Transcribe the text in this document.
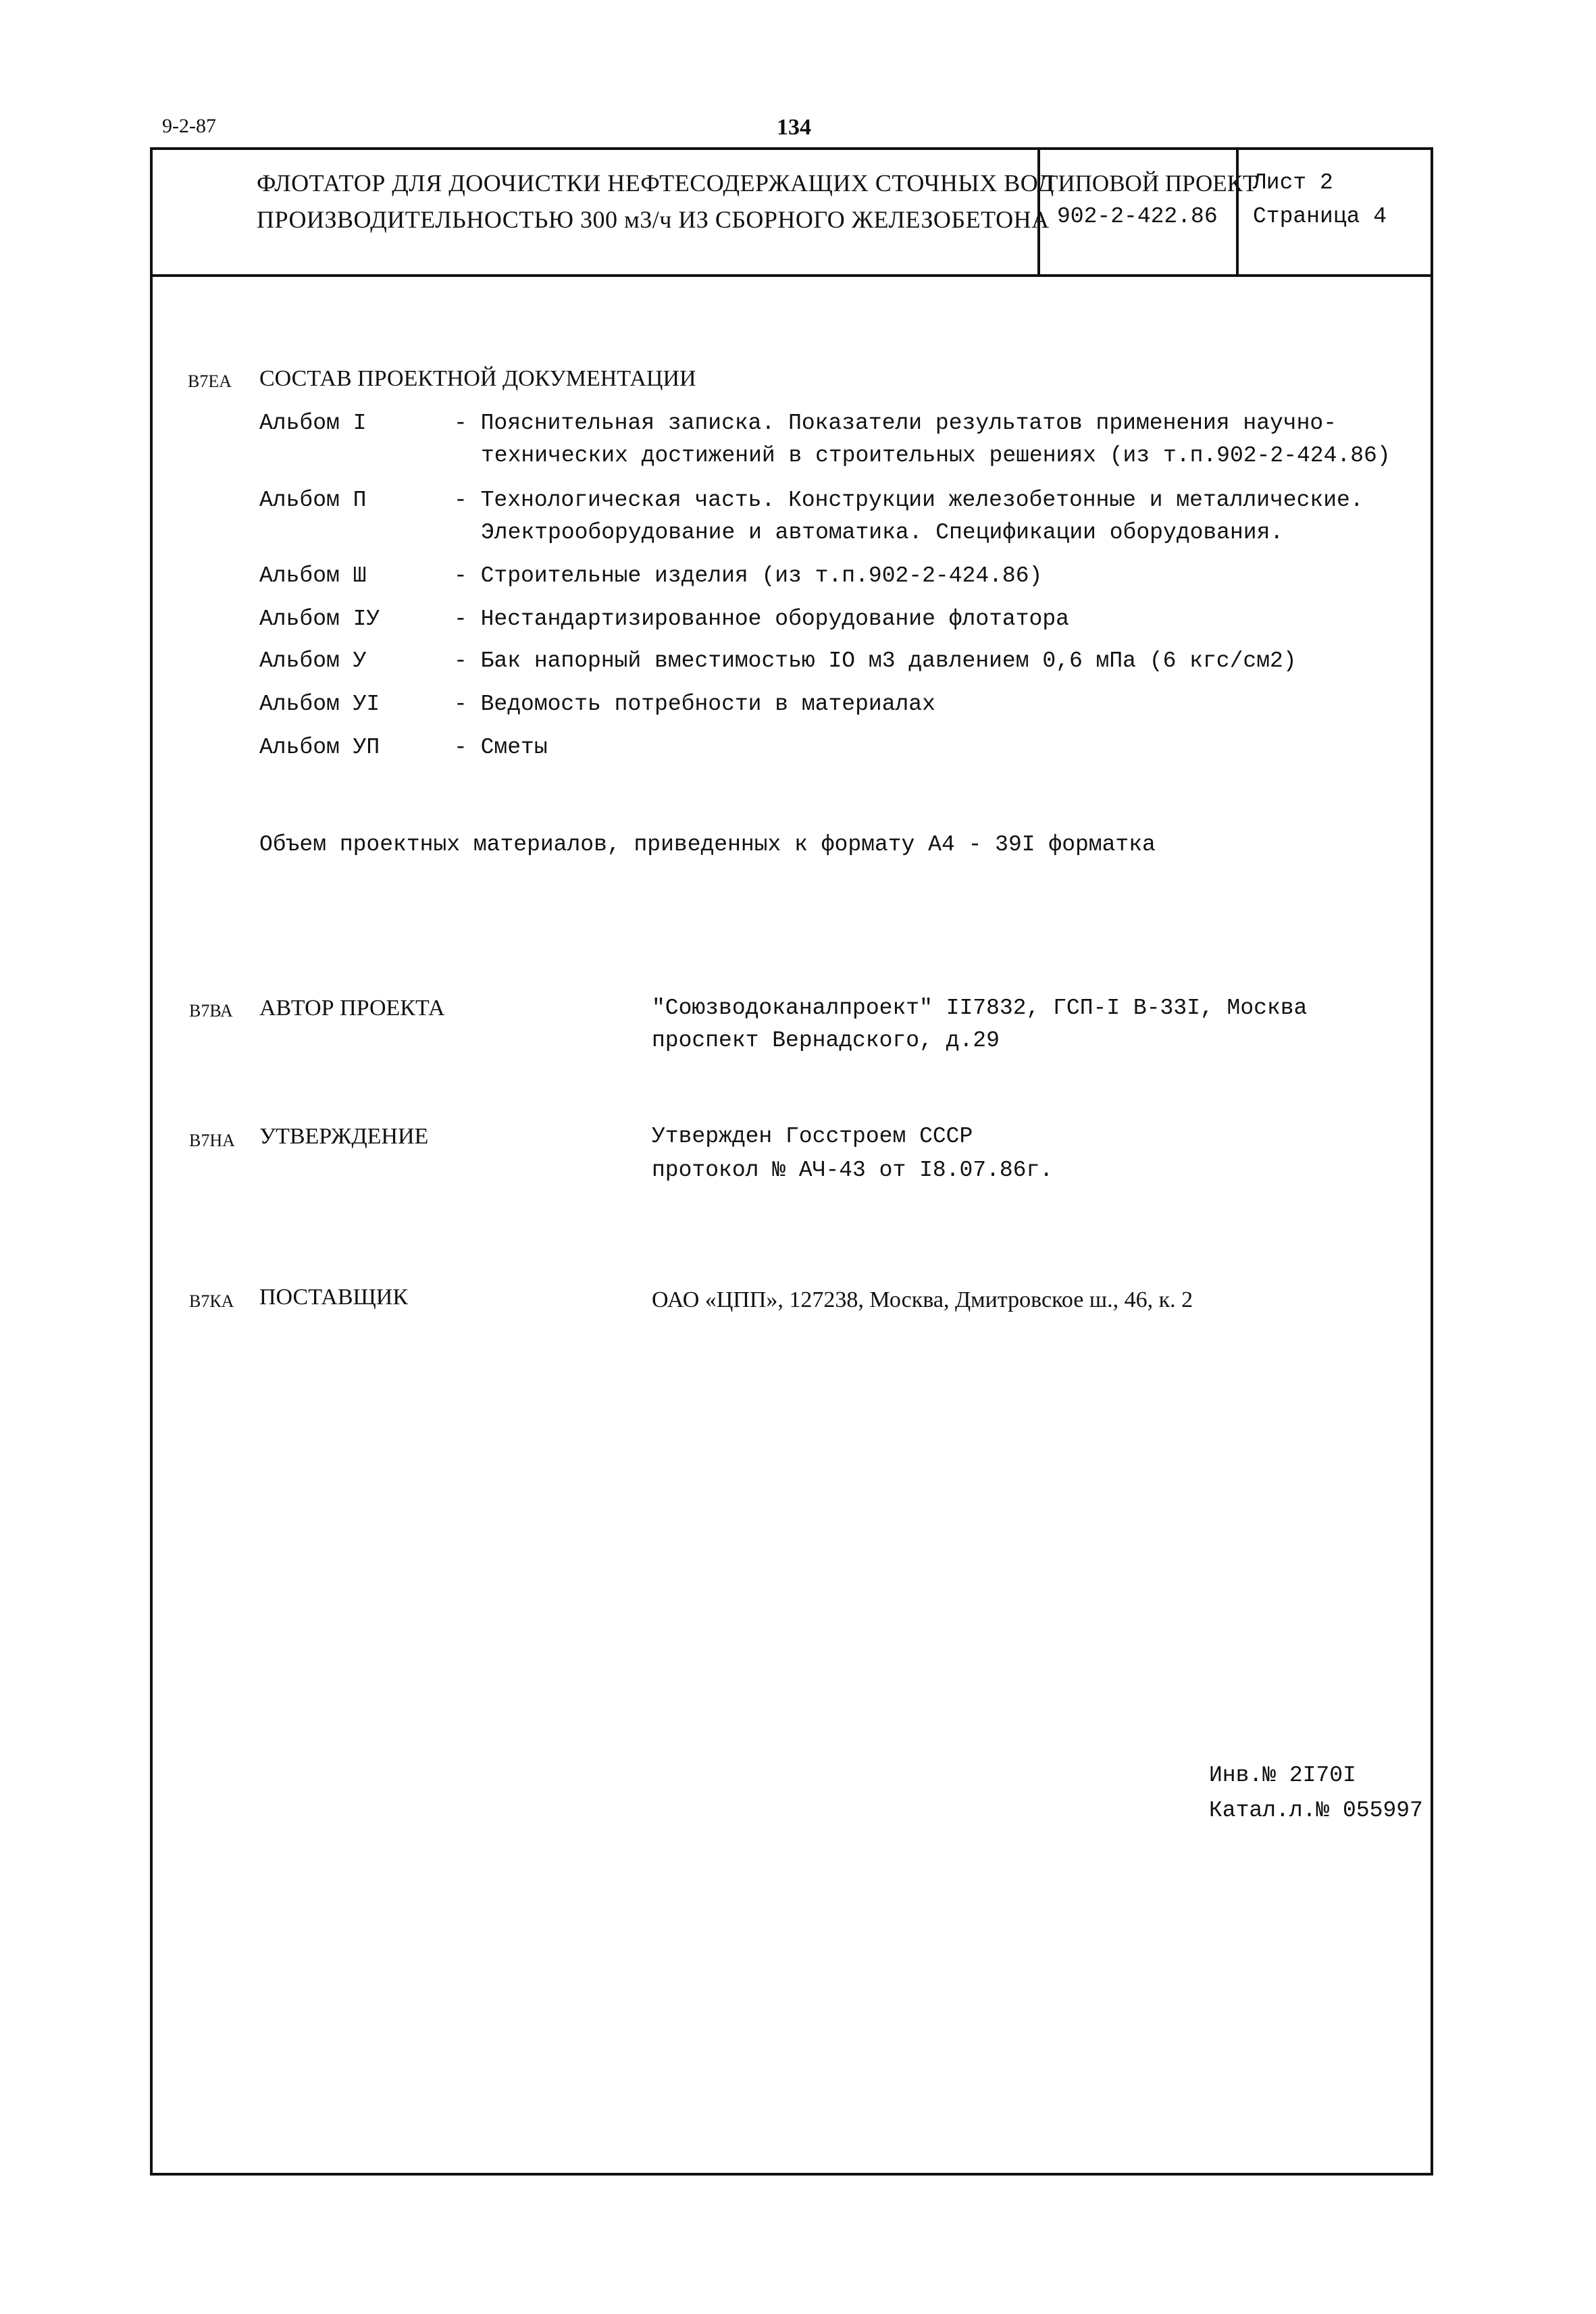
9-2-87	134
ФЛОТАТОР ДЛЯ ДООЧИСТКИ НЕФТЕСОДЕРЖАЩИХ СТОЧНЫХ ВОД
ПРОИЗВОДИТЕЛЬНОСТЬЮ 300 м3/ч ИЗ СБОРНОГО ЖЕЛЕЗОБЕТОНА
ТИПОВОЙ ПРОЕКТ
902-2-422.86
Лист 2
Страница 4
В7ЕА СОСТАВ ПРОЕКТНОЙ ДОКУМЕНТАЦИИ
Альбом I	- Пояснительная записка. Показатели результатов применения научно-
технических достижений в строительных решениях (из т.п.902-2-424.86)
Альбом П	- Технологическая часть. Конструкции железобетонные и металлические.
Электрооборудование и автоматика. Спецификации оборудования.
Альбом Ш	- Строительные изделия (из т.п.902-2-424.86)
Альбом IУ	- Нестандартизированное оборудование флотатора
Альбом У	- Бак напорный вместимостью IO м3 давлением 0,6 мПа (6 кгс/см2)
Альбом УI	- Ведомость потребности в материалах
Альбом УП	- Сметы
Объем проектных материалов, приведенных к формату А4 - 39I форматка
В7ВА АВТОР ПРОЕКТА	"Союзводоканалпроект" II7832, ГСП-I В-33I, Москва
проспект Вернадского, д.29
В7НА УТВЕРЖДЕНИЕ	Утвержден Госстроем СССР
протокол № АЧ-43 от I8.07.86г.
В7КА ПОСТАВЩИК	ОАО «ЦПП», 127238, Москва, Дмитровское ш., 46, к. 2
Инв.№ 2I70I
Катал.л.№ 055997
